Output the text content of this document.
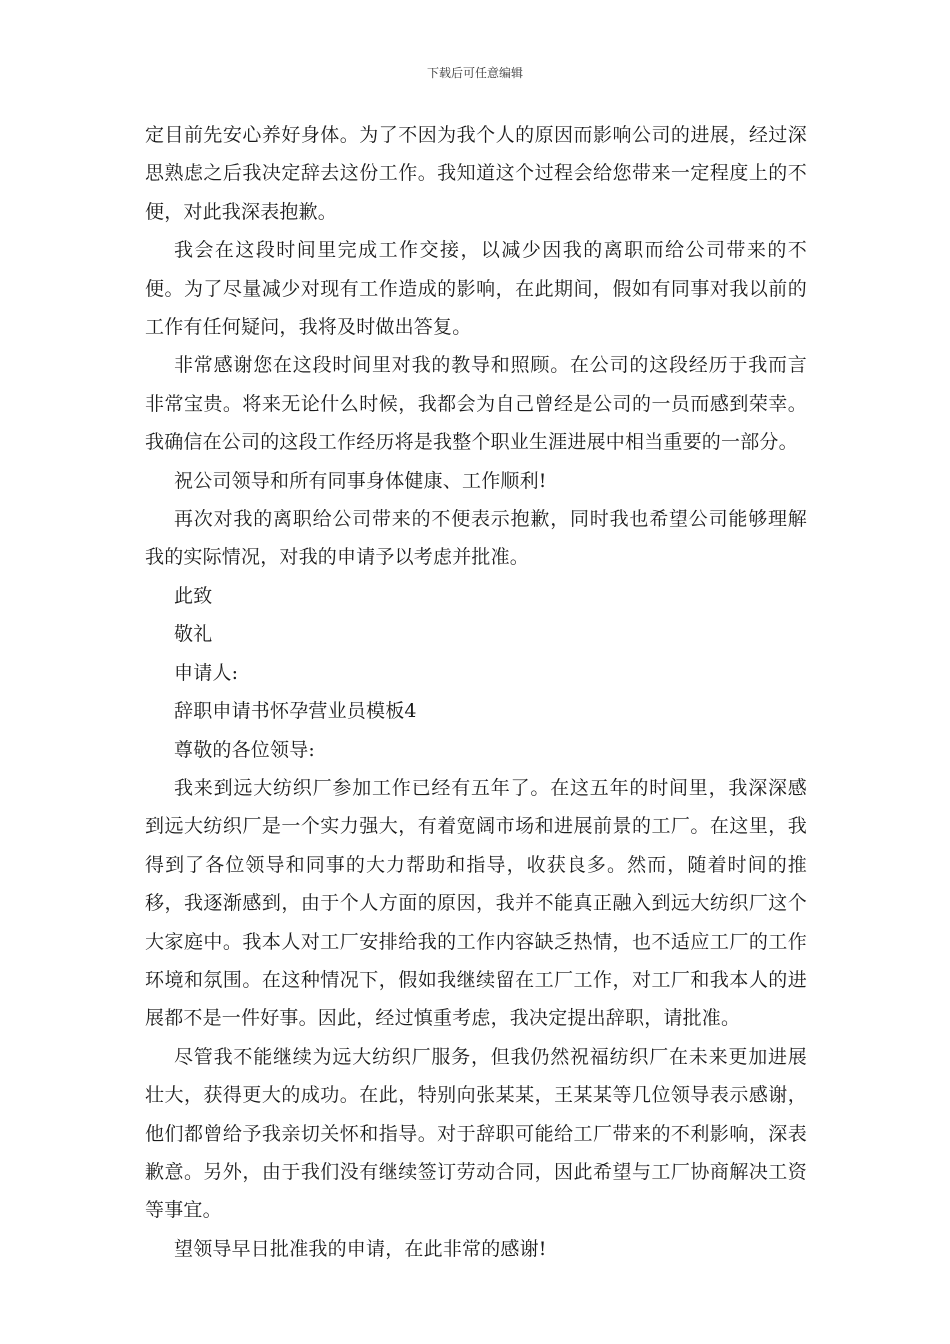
下载后可任意编辑

定目前先安心养好身体。为了不因为我个人的原因而影响公司的进展，经过深思熟虑之后我决定辞去这份工作。我知道这个过程会给您带来一定程度上的不便，对此我深表抱歉。

我会在这段时间里完成工作交接，以减少因我的离职而给公司带来的不便。为了尽量减少对现有工作造成的影响，在此期间，假如有同事对我以前的工作有任何疑问，我将及时做出答复。

非常感谢您在这段时间里对我的教导和照顾。在公司的这段经历于我而言非常宝贵。将来无论什么时候，我都会为自己曾经是公司的一员而感到荣幸。我确信在公司的这段工作经历将是我整个职业生涯进展中相当重要的一部分。

祝公司领导和所有同事身体健康、工作顺利!

再次对我的离职给公司带来的不便表示抱歉，同时我也希望公司能够理解我的实际情况，对我的申请予以考虑并批准。

此致

敬礼

申请人:

辞职申请书怀孕营业员模板4

尊敬的各位领导:

我来到远大纺织厂参加工作已经有五年了。在这五年的时间里，我深深感到远大纺织厂是一个实力强大，有着宽阔市场和进展前景的工厂。在这里，我得到了各位领导和同事的大力帮助和指导，收获良多。然而，随着时间的推移，我逐渐感到，由于个人方面的原因，我并不能真正融入到远大纺织厂这个大家庭中。我本人对工厂安排给我的工作内容缺乏热情，也不适应工厂的工作环境和氛围。在这种情况下，假如我继续留在工厂工作，对工厂和我本人的进展都不是一件好事。因此，经过慎重考虑，我决定提出辞职，请批准。

尽管我不能继续为远大纺织厂服务，但我仍然祝福纺织厂在未来更加进展壮大，获得更大的成功。在此，特别向张某某，王某某等几位领导表示感谢，他们都曾给予我亲切关怀和指导。对于辞职可能给工厂带来的不利影响，深表歉意。另外，由于我们没有继续签订劳动合同，因此希望与工厂协商解决工资等事宜。

望领导早日批准我的申请，在此非常的感谢!
